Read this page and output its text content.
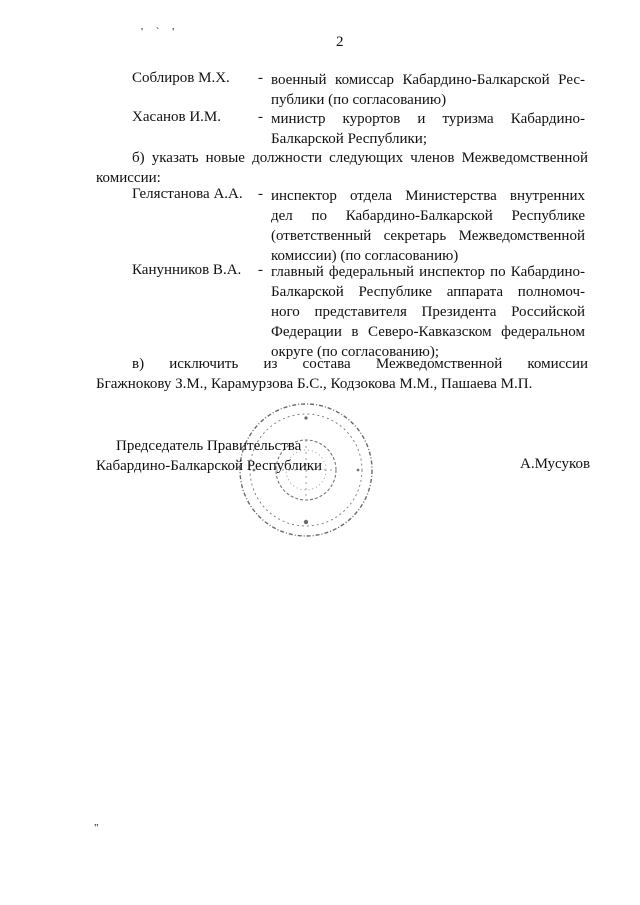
' ` '
2
Соблиров М.Х. - военный комиссар Кабардино-Балкарской Рес-
публики (по согласованию)
Хасанов И.М. - министр курортов и туризма Кабардино-
Балкарской Республики;
б) указать новые должности следующих членов Межведомственной
комиссии:
Гелястанова А.А. - инспектор отдела Министерства внутренних
дел по Кабардино-Балкарской Республике
(ответственный секретарь Межведомственной
комиссии) (по согласованию)
Канунников В.А. - главный федеральный инспектор по Кабардино-
Балкарской Республике аппарата полномоч-
ного представителя Президента Российской
Федерации в Северо-Кавказском федеральном
округе (по согласованию);
в) исключить из состава Межведомственной комиссии
Бгажнокову З.М., Карамурзова Б.С., Кодзокова М.М., Пашаева М.П.
Председатель Правительства
Кабардино-Балкарской Республики	А.Мусуков
"
